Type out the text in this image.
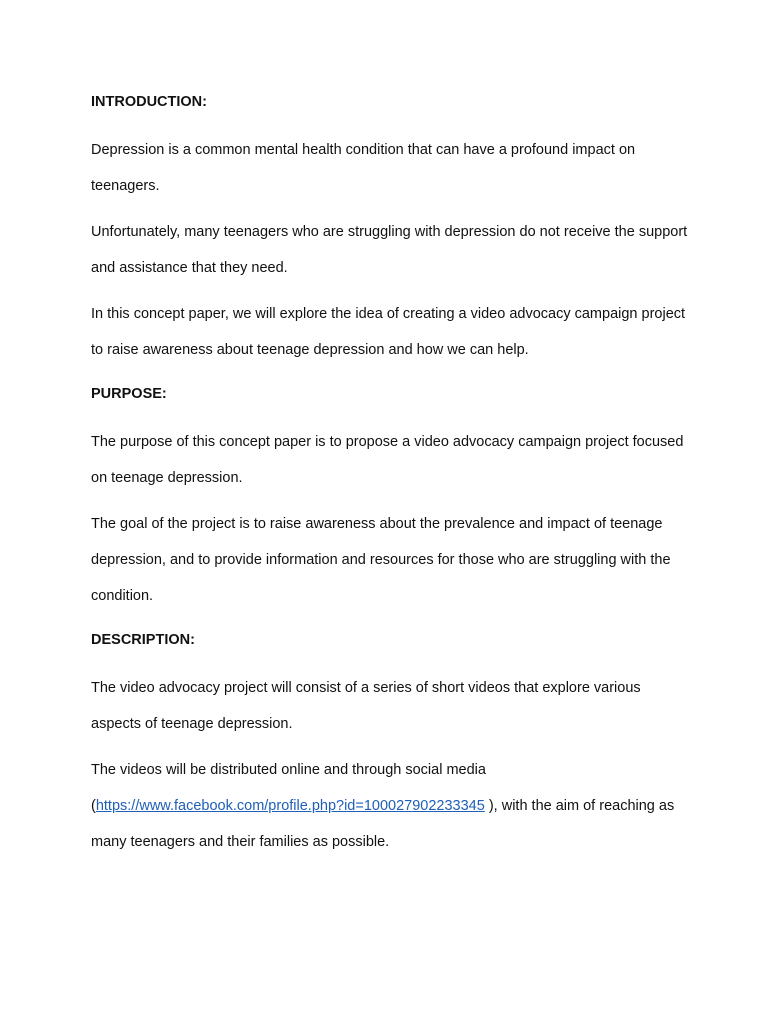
INTRODUCTION:

Depression is a common mental health condition that can have a profound impact on teenagers.

Unfortunately, many teenagers who are struggling with depression do not receive the support and assistance that they need.

In this concept paper, we will explore the idea of creating a video advocacy campaign project to raise awareness about teenage depression and how we can help.

PURPOSE:

The purpose of this concept paper is to propose a video advocacy campaign project focused on teenage depression.

The goal of the project is to raise awareness about the prevalence and impact of teenage depression, and to provide information and resources for those who are struggling with the condition.

DESCRIPTION:

The video advocacy project will consist of a series of short videos that explore various aspects of teenage depression.

The videos will be distributed online and through social media (https://www.facebook.com/profile.php?id=100027902233345 ), with the aim of reaching as many teenagers and their families as possible.
